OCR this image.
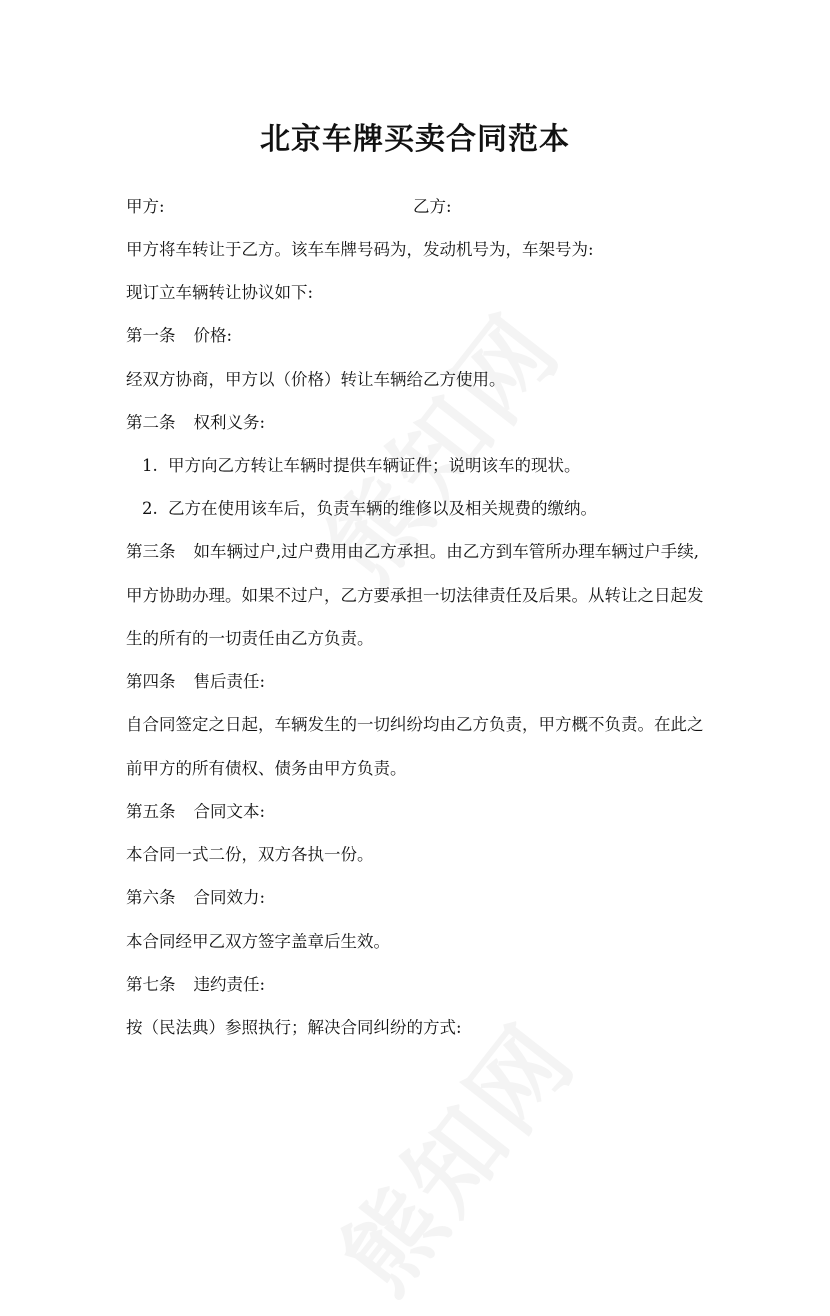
北京车牌买卖合同范本
甲方:	乙方:
甲方将车转让于乙方。该车车牌号码为，发动机号为，车架号为:
现订立车辆转让协议如下:
第一条 价格:
经双方协商，甲方以（价格）转让车辆给乙方使用。
第二条 权利义务:
1. 甲方向乙方转让车辆时提供车辆证件；说明该车的现状。
2. 乙方在使用该车后，负责车辆的维修以及相关规费的缴纳。
第三条 如车辆过户,过户费用由乙方承担。由乙方到车管所办理车辆过户手续,
甲方协助办理。如果不过户，乙方要承担一切法律责任及后果。从转让之日起发
生的所有的一切责任由乙方负责。
第四条 售后责任:
自合同签定之日起，车辆发生的一切纠纷均由乙方负责，甲方概不负责。在此之
前甲方的所有债权、债务由甲方负责。
第五条 合同文本:
本合同一式二份，双方各执一份。
第六条 合同效力:
本合同经甲乙双方签字盖章后生效。
第七条 违约责任:
按（民法典）参照执行；解决合同纠纷的方式:
